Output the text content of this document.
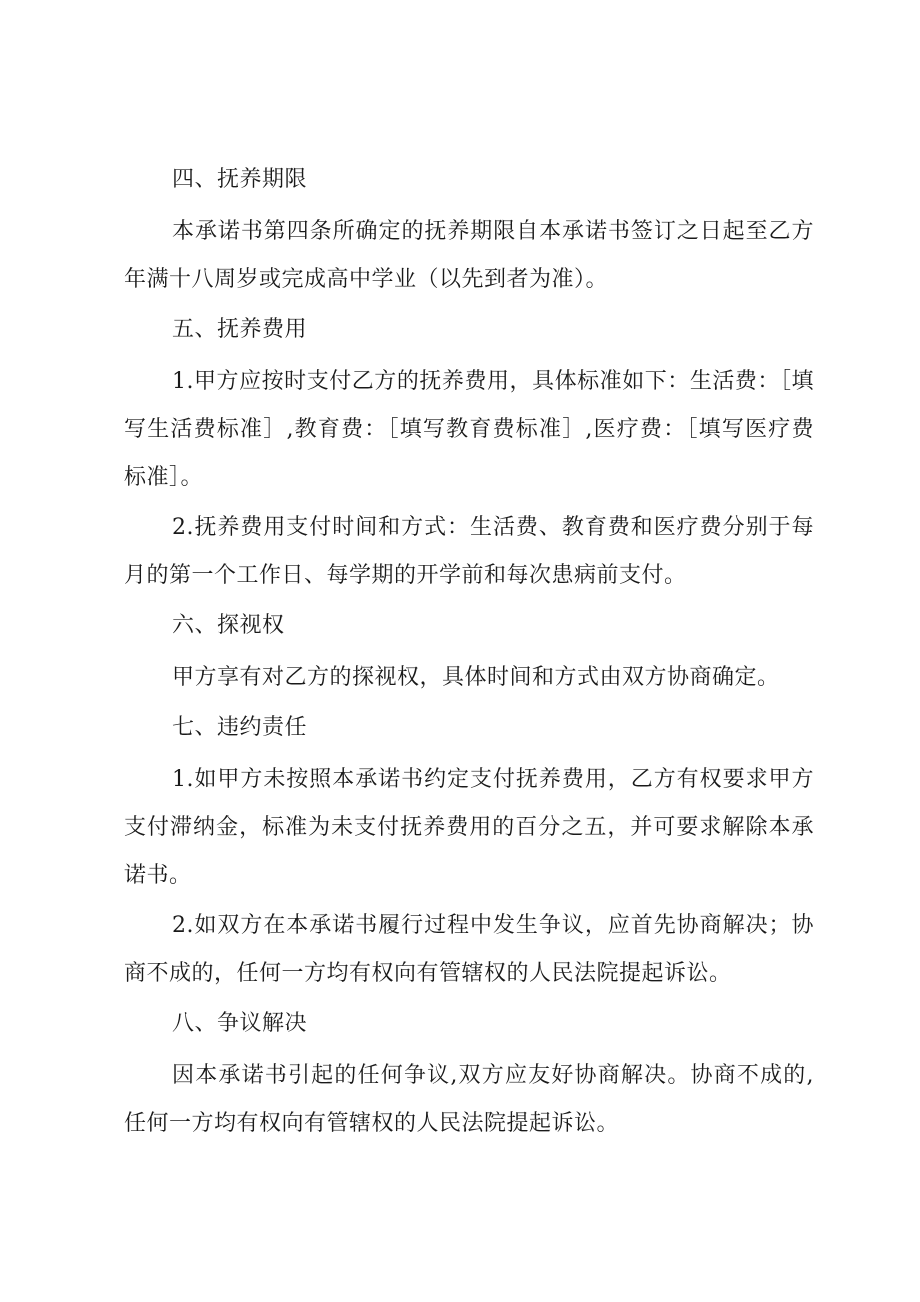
四、抚养期限

本承诺书第四条所确定的抚养期限自本承诺书签订之日起至乙方年满十八周岁或完成高中学业（以先到者为准）。

五、抚养费用

1.甲方应按时支付乙方的抚养费用，具体标准如下：生活费：［填写生活费标准］,教育费：［填写教育费标准］,医疗费：［填写医疗费标准］。

2.抚养费用支付时间和方式：生活费、教育费和医疗费分别于每月的第一个工作日、每学期的开学前和每次患病前支付。

六、探视权

甲方享有对乙方的探视权，具体时间和方式由双方协商确定。

七、违约责任

1.如甲方未按照本承诺书约定支付抚养费用，乙方有权要求甲方支付滞纳金，标准为未支付抚养费用的百分之五，并可要求解除本承诺书。

2.如双方在本承诺书履行过程中发生争议，应首先协商解决；协商不成的，任何一方均有权向有管辖权的人民法院提起诉讼。

八、争议解决

因本承诺书引起的任何争议,双方应友好协商解决。协商不成的,任何一方均有权向有管辖权的人民法院提起诉讼。
